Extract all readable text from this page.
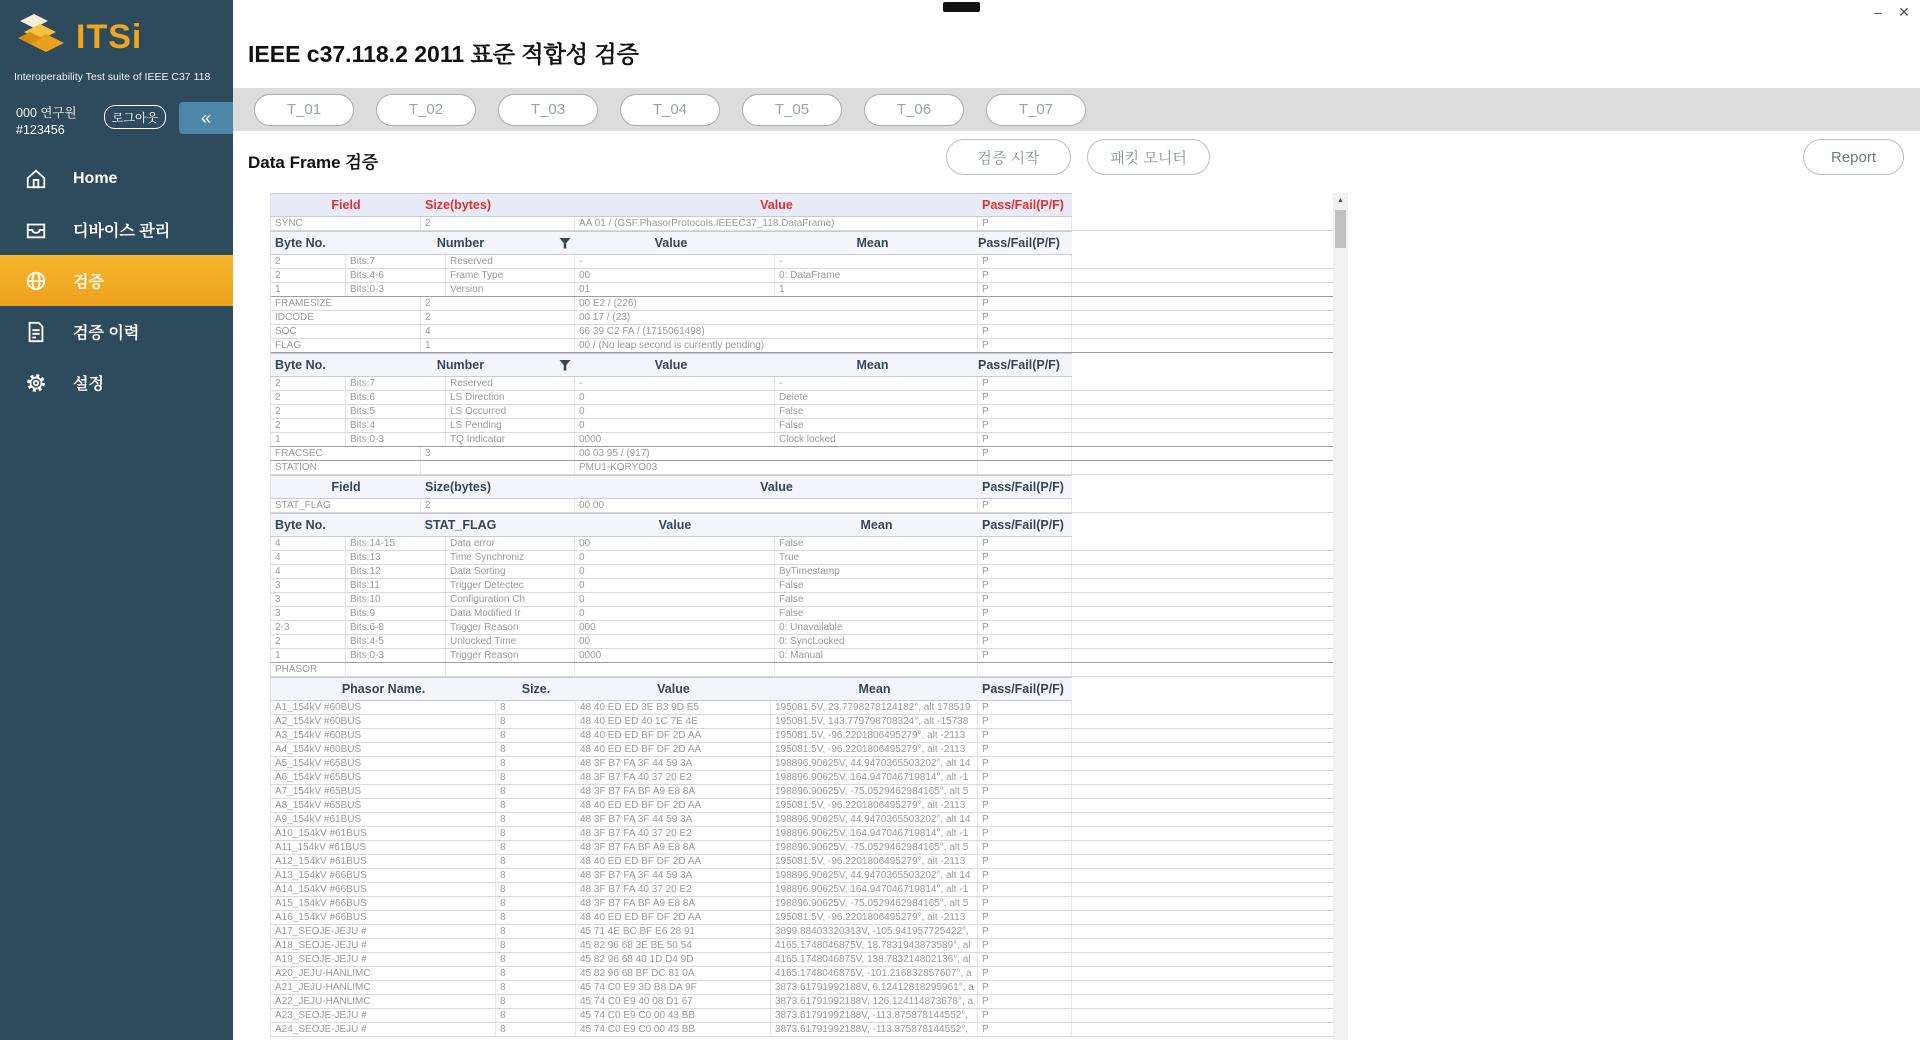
– ✕
ITSi
Interoperability Test suite of IEEE C37 118
000 연구원
#123456
로그아웃	«
Home
디바이스 관리
검증
검증 이력
설정
IEEE c37.118.2 2011 표준 적합성 검증
T_01	T_02	T_03	T_04	T_05	T_06	T_07
Data Frame 검증	검증 시작	패킷 모니터	Report
Field	Size(bytes)	Value	Pass/Fail(P/F)
SYNC	2	AA 01 / (GSF.PhasorProtocols.IEEEC37_118.DataFrame)	P
Byte No.	Number	Value	Mean	Pass/Fail(P/F)
2	Bits:7	Reserved	-	-	P
2	Bits:4-6	Frame Type	00	0: DataFrame	P
1	Bits:0-3	Version	01	1	P
FRAMESIZE	2	00 E2 / (226)	P
IDCODE	2	00 17 / (23)	P
SOC	4	66 39 C2 FA / (1715061498)	P
FLAG	1	00 / (No leap second is currently pending)	P
Byte No.	Number	Value	Mean	Pass/Fail(P/F)
2	Bits:7	Reserved	-	-	P
2	Bits:6	LS Direction	0	Delete	P
2	Bits:5	LS Occurred	0	False	P
2	Bits:4	LS Pending	0	False	P
1	Bits:0-3	TQ Indicator	0000	Clock locked	P
FRACSEC	3	00 03 95 / (917)	P
STATION	PMU1-KORYO03
Field	Size(bytes)	Value	Pass/Fail(P/F)
STAT_FLAG	2	00 00	P
Byte No.	STAT_FLAG	Value	Mean	Pass/Fail(P/F)
4	Bits:14-15	Data error	00	False	P
4	Bits:13	Time Synchroniz	0	True	P
4	Bits:12	Data Sorting	0	ByTimestamp	P
3	Bits:11	Trigger Detectec	0	False	P
3	Bits:10	Configuration Ch	0	False	P
3	Bits:9	Data Modified Ir	0	False	P
2-3	Bits:6-8	Trigger Reason	000	0: Unavailable	P
2	Bits:4-5	Unlocked Time	00	0: SyncLocked	P
1	Bits:0-3	Trigger Reason	0000	0: Manual	P
PHASOR
Phasor Name.	Size.	Value	Mean	Pass/Fail(P/F)
A1_154kV #60BUS	8	48 40 ED ED 3E B3 9D E5	195081.5V, 23.7798278124182°, alt 178519	P
A2_154kV #60BUS	8	48 40 ED ED 40 1C 7E 4E	195081.5V, 143.779798708324°, alt -15738	P
A3_154kV #60BUS	8	48 40 ED ED BF DF 2D AA	195081.5V, -96.2201806495279°, alt -2113	P
A4_154kV #60BUS	8	48 40 ED ED BF DF 2D AA	195081.5V, -96.2201806495279°, alt -2113	P
A5_154kV #65BUS	8	48 3F B7 FA 3F 44 59 3A	198896.90625V, 44.9470365503202°, alt 14	P
A6_154kV #65BUS	8	48 3F B7 FA 40 37 20 E2	198896.90625V, 164.947046719814°, alt -1	P
A7_154kV #65BUS	8	48 3F B7 FA BF A9 E8 8A	198896.90625V, -75.0529462984165°, alt 5	P
A8_154kV #65BUS	8	48 40 ED ED BF DF 2D AA	195081.5V, -96.2201806495279°, alt -2113	P
A9_154kV #61BUS	8	48 3F B7 FA 3F 44 59 3A	198896.90625V, 44.9470365503202°, alt 14	P
A10_154kV #61BUS	8	48 3F B7 FA 40 37 20 E2	198896.90625V, 164.947046719814°, alt -1	P
A11_154kV #61BUS	8	48 3F B7 FA BF A9 E8 8A	198896.90625V, -75.0529462984165°, alt 5	P
A12_154kV #61BUS	8	48 40 ED ED BF DF 2D AA	195081.5V, -96.2201806495279°, alt -2113	P
A13_154kV #66BUS	8	48 3F B7 FA 3F 44 59 3A	198896.90625V, 44.9470365503202°, alt 14	P
A14_154kV #66BUS	8	48 3F B7 FA 40 37 20 E2	198896.90625V, 164.947046719814°, alt -1	P
A15_154kV #66BUS	8	48 3F B7 FA BF A9 E8 8A	198896.90625V, -75.0529462984165°, alt 5	P
A16_154kV #66BUS	8	48 40 ED ED BF DF 2D AA	195081.5V, -96.2201806495279°, alt -2113	P
A17_SEOJE-JEJU #	8	45 71 4E BC BF E6 28 91	3899.88403320313V, -105.941957725422°,	P
A18_SEOJE-JEJU #	8	45 82 96 68 3E BE 50 54	4165.1748046875V, 18.7831943873589°, al	P
A19_SEOJE-JEJU #	8	45 82 96 68 40 1D D4 9D	4165.1748046875V, 138.783214802136°, al	P
A20_JEJU-HANLIMC	8	45 82 96 68 BF DC 81 0A	4165.1748046875V, -101.216832857607°, a	P
A21_JEJU-HANLIMC	8	45 74 C0 E9 3D B8 DA 9F	3873.61791992188V, 6.12412818295961°, a P
A22_JEJU-HANLIMC	8	45 74 C0 E9 40 08 D1 67	3873.61791992188V, 126.124114873678°, a P
A23_SEOJE-JEJU #	8	45 74 C0 E9 C0 00 43 BB	3873.61791992188V, -113.875878144552°,	P
A24_SEOJE-JEJU #	8	45 74 C0 E9 C0 00 43 BB	3873.61791992188V, -113.875878144552°,	P
▲
